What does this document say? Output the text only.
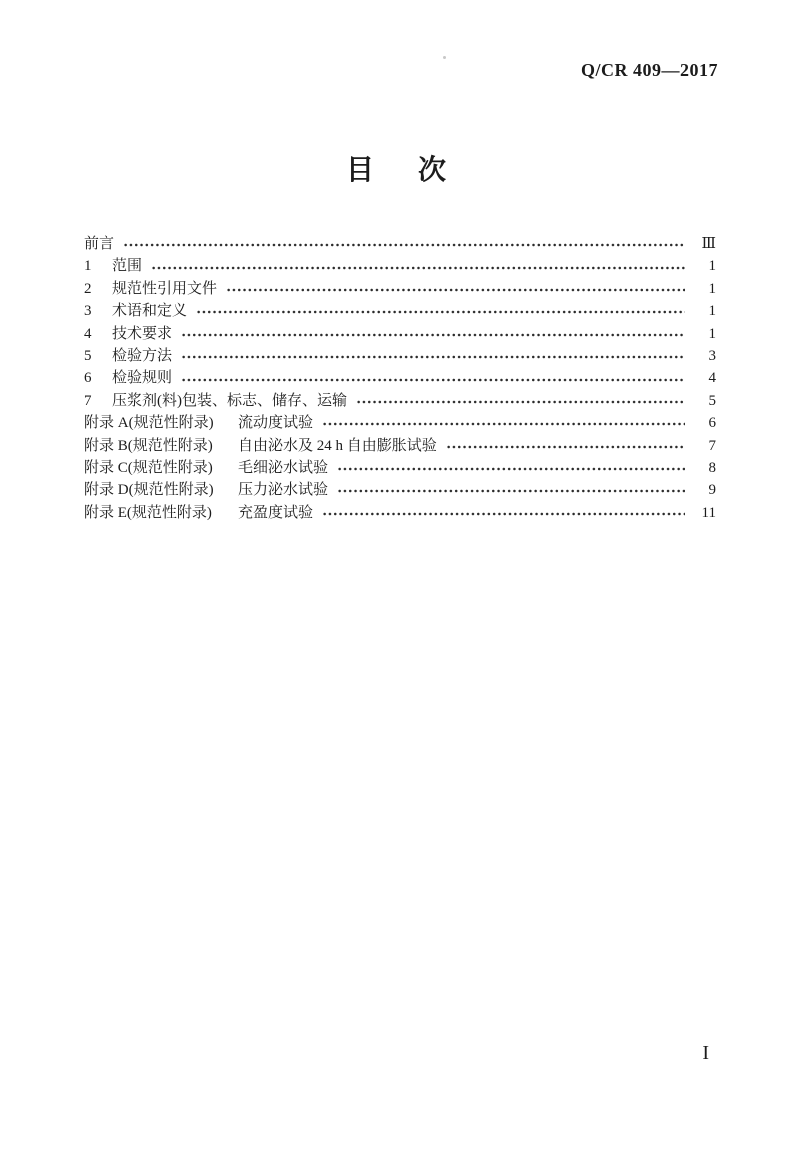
Q/CR 409—2017
目　次
前言	Ⅲ
1	范围	1
2	规范性引用文件	1
3	术语和定义	1
4	技术要求	1
5	检验方法	3
6	检验规则	4
7	压浆剂(料)包装、标志、储存、运输	5
附录 A(规范性附录)	流动度试验	6
附录 B(规范性附录)	自由泌水及 24 h 自由膨胀试验	7
附录 C(规范性附录)	毛细泌水试验	8
附录 D(规范性附录)	压力泌水试验	9
附录 E(规范性附录)	充盈度试验	11
I
